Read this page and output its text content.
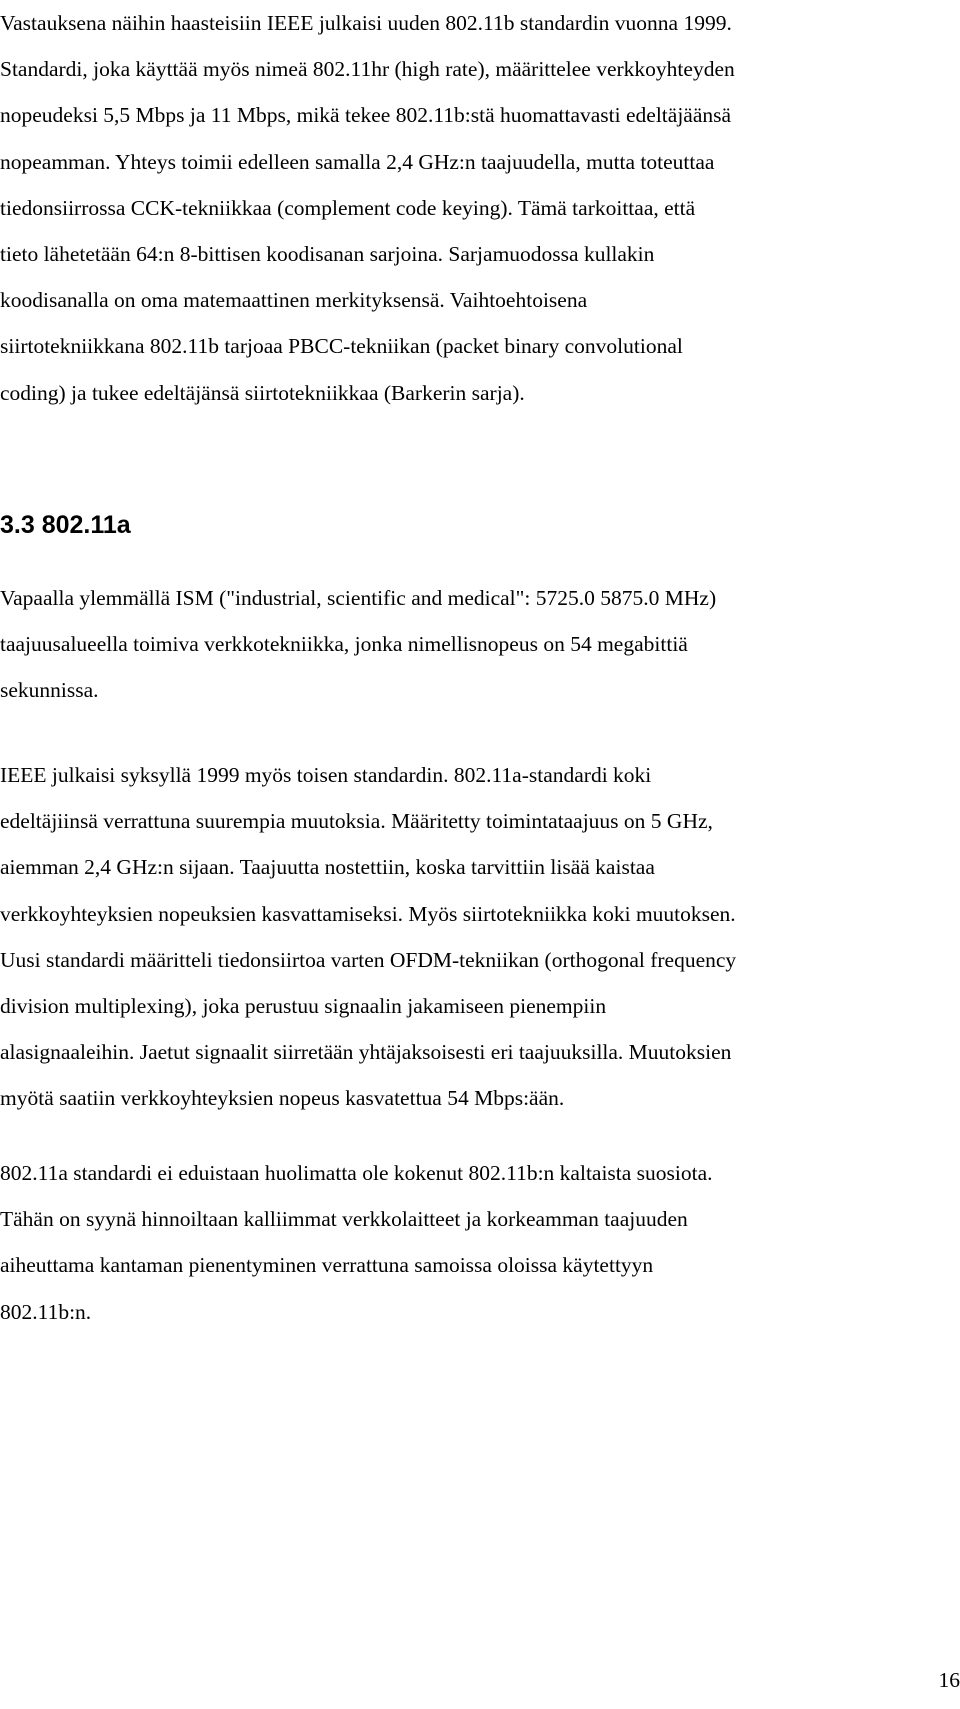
Vastauksena näihin haasteisiin IEEE julkaisi uuden 802.11b standardin vuonna 1999.
Standardi, joka käyttää myös nimeä 802.11hr (high rate), määrittelee verkkoyhteyden
nopeudeksi 5,5 Mbps ja 11 Mbps, mikä tekee 802.11b:stä huomattavasti edeltäjäänsä
nopeamman. Yhteys toimii edelleen samalla 2,4 GHz:n taajuudella, mutta toteuttaa
tiedonsiirrossa CCK-tekniikkaa (complement code keying). Tämä tarkoittaa, että
tieto lähetetään 64:n 8-bittisen koodisanan sarjoina. Sarjamuodossa kullakin
koodisanalla on oma matemaattinen merkityksensä. Vaihtoehtoisena
siirtotekniikkana 802.11b tarjoaa PBCC-tekniikan (packet binary convolutional
coding) ja tukee edeltäjänsä siirtotekniikkaa (Barkerin sarja).

3.3 802.11a

Vapaalla ylemmällä ISM ("industrial, scientific and medical": 5725.0 5875.0 MHz)
taajuusalueella toimiva verkkotekniikka, jonka nimellisnopeus on 54 megabittiä
sekunnissa.

IEEE julkaisi syksyllä 1999 myös toisen standardin. 802.11a-standardi koki
edeltäjiinsä verrattuna suurempia muutoksia. Määritetty toimintataajuus on 5 GHz,
aiemman 2,4 GHz:n sijaan. Taajuutta nostettiin, koska tarvittiin lisää kaistaa
verkkoyhteyksien nopeuksien kasvattamiseksi. Myös siirtotekniikka koki muutoksen.
Uusi standardi määritteli tiedonsiirtoa varten OFDM-tekniikan (orthogonal frequency
division multiplexing), joka perustuu signaalin jakamiseen pienempiin
alasignaaleihin. Jaetut signaalit siirretään yhtäjaksoisesti eri taajuuksilla. Muutoksien
myötä saatiin verkkoyhteyksien nopeus kasvatettua 54 Mbps:ään.

802.11a standardi ei eduistaan huolimatta ole kokenut 802.11b:n kaltaista suosiota.
Tähän on syynä hinnoiltaan kalliimmat verkkolaitteet ja korkeamman taajuuden
aiheuttama kantaman pienentyminen verrattuna samoissa oloissa käytettyyn
802.11b:n.

16
